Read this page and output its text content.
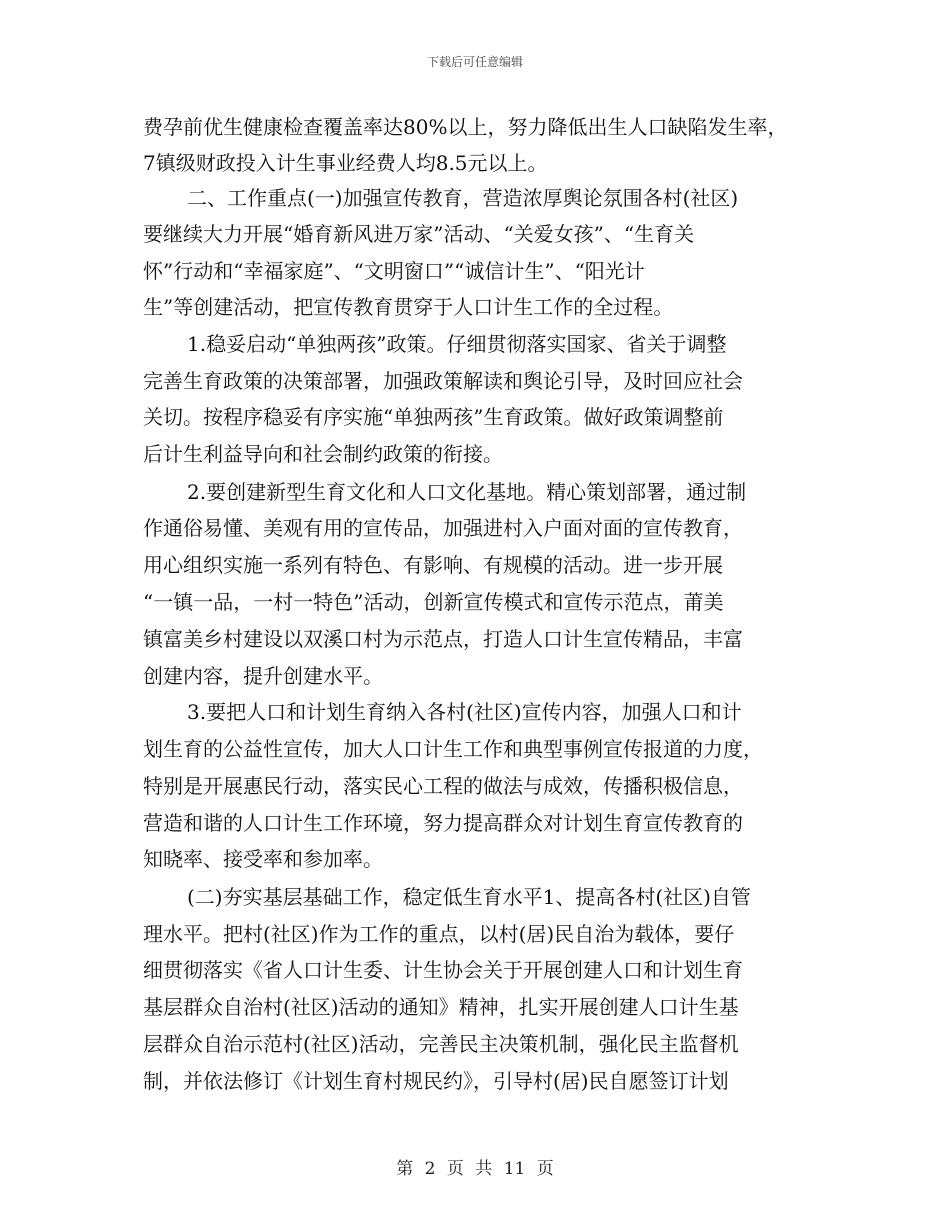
下载后可任意编辑
费孕前优生健康检查覆盖率达80%以上，努力降低出生人口缺陷发生率，
7镇级财政投入计生事业经费人均8.5元以上。
二、工作重点(一)加强宣传教育，营造浓厚舆论氛围各村(社区)
要继续大力开展“婚育新风进万家”活动、“关爱女孩”、“生育关
怀”行动和“幸福家庭”、“文明窗口”“诚信计生”、“阳光计
生”等创建活动，把宣传教育贯穿于人口计生工作的全过程。
1.稳妥启动“单独两孩”政策。仔细贯彻落实国家、省关于调整
完善生育政策的决策部署，加强政策解读和舆论引导，及时回应社会
关切。按程序稳妥有序实施“单独两孩”生育政策。做好政策调整前
后计生利益导向和社会制约政策的衔接。
2.要创建新型生育文化和人口文化基地。精心策划部署，通过制
作通俗易懂、美观有用的宣传品，加强进村入户面对面的宣传教育，
用心组织实施一系列有特色、有影响、有规模的活动。进一步开展
“一镇一品，一村一特色”活动，创新宣传模式和宣传示范点，莆美
镇富美乡村建设以双溪口村为示范点，打造人口计生宣传精品，丰富
创建内容，提升创建水平。
3.要把人口和计划生育纳入各村(社区)宣传内容，加强人口和计
划生育的公益性宣传，加大人口计生工作和典型事例宣传报道的力度，
特别是开展惠民行动，落实民心工程的做法与成效，传播积极信息，
营造和谐的人口计生工作环境，努力提高群众对计划生育宣传教育的
知晓率、接受率和参加率。
(二)夯实基层基础工作，稳定低生育水平1、提高各村(社区)自管
理水平。把村(社区)作为工作的重点，以村(居)民自治为载体，要仔
细贯彻落实《省人口计生委、计生协会关于开展创建人口和计划生育
基层群众自治村(社区)活动的通知》精神，扎实开展创建人口计生基
层群众自治示范村(社区)活动，完善民主决策机制，强化民主监督机
制，并依法修订《计划生育村规民约》，引导村(居)民自愿签订计划
第 2 页 共 11 页
